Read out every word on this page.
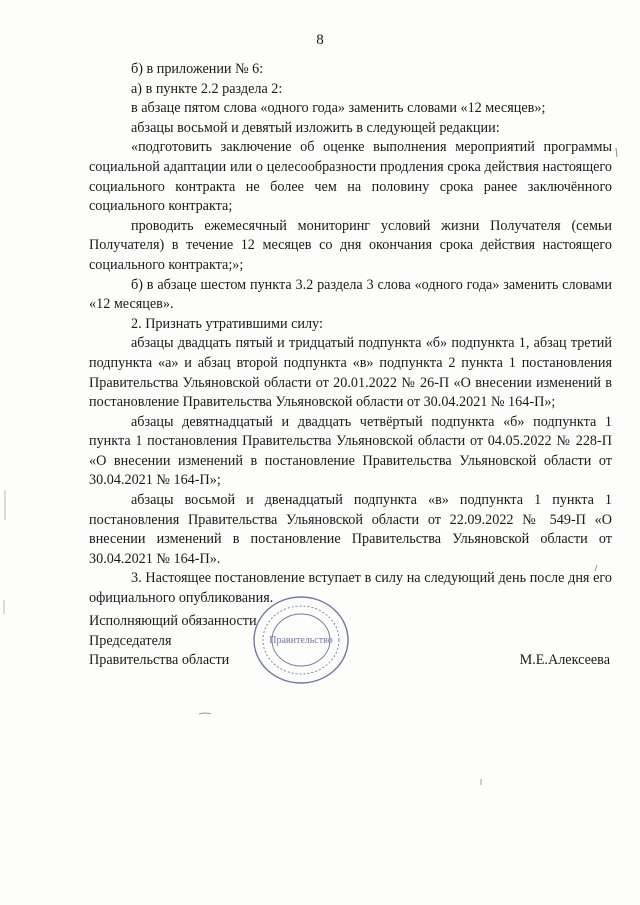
8

б) в приложении № 6:

а) в пункте 2.2 раздела 2:

в абзаце пятом слова «одного года» заменить словами «12 месяцев»;

абзацы восьмой и девятый изложить в следующей редакции:

«подготовить заключение об оценке выполнения мероприятий программы социальной адаптации или о целесообразности продления срока действия настоящего социального контракта не более чем на половину срока ранее заключённого социального контракта;

проводить ежемесячный мониторинг условий жизни Получателя (семьи Получателя) в течение 12 месяцев со дня окончания срока действия настоящего социального контракта;»;

б) в абзаце шестом пункта 3.2 раздела 3 слова «одного года» заменить словами «12 месяцев».

2. Признать утратившими силу:

абзацы двадцать пятый и тридцатый подпункта «б» подпункта 1, абзац третий подпункта «а» и абзац второй подпункта «в» подпункта 2 пункта 1 постановления Правительства Ульяновской области от 20.01.2022 № 26-П «О внесении изменений в постановление Правительства Ульяновской области от 30.04.2021 № 164-П»;

абзацы девятнадцатый и двадцать четвёртый подпункта «б» подпункта 1 пункта 1 постановления Правительства Ульяновской области от 04.05.2022 № 228-П «О внесении изменений в постановление Правительства Ульяновской области от 30.04.2021 № 164-П»;

абзацы восьмой и двенадцатый подпункта «в» подпункта 1 пункта 1 постановления Правительства Ульяновской области от 22.09.2022 № 549-П «О внесении изменений в постановление Правительства Ульяновской области от 30.04.2021 № 164-П».

3. Настоящее постановление вступает в силу на следующий день после дня его официального опубликования.

Исполняющий обязанности
Председателя
Правительства области	М.Е.Алексеева
Правительство
